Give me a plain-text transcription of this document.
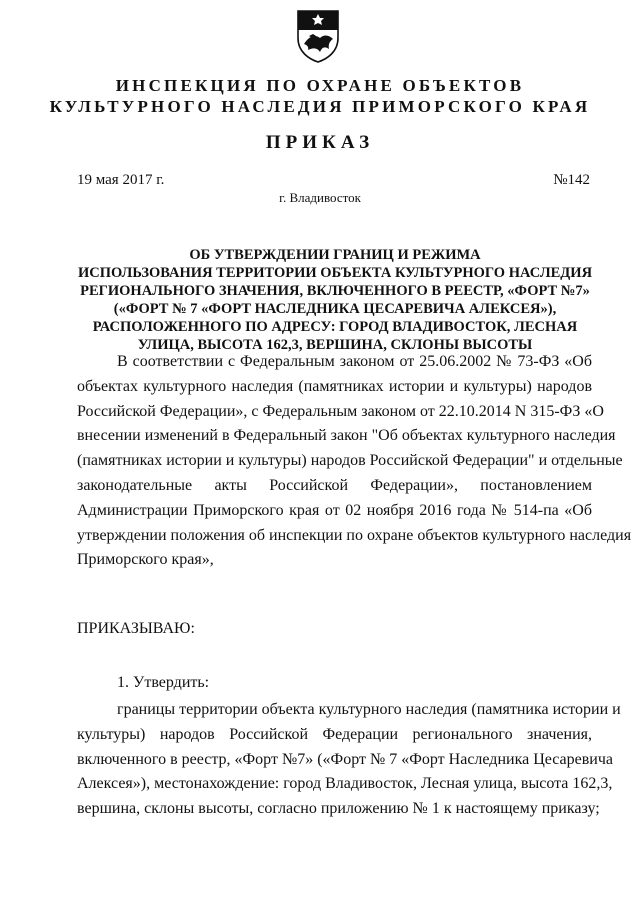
ИНСПЕКЦИЯ ПО ОХРАНЕ ОБЪЕКТОВ
КУЛЬТУРНОГО НАСЛЕДИЯ ПРИМОРСКОГО КРАЯ
ПРИКАЗ
19 мая 2017 г.	№142
г. Владивосток
ОБ УТВЕРЖДЕНИИ ГРАНИЦ И РЕЖИМА
ИСПОЛЬЗОВАНИЯ ТЕРРИТОРИИ ОБЪЕКТА КУЛЬТУРНОГО НАСЛЕДИЯ
РЕГИОНАЛЬНОГО ЗНАЧЕНИЯ, ВКЛЮЧЕННОГО В РЕЕСТР, «ФОРТ №7»
(«ФОРТ № 7 «ФОРТ НАСЛЕДНИКА ЦЕСАРЕВИЧА АЛЕКСЕЯ»),
РАСПОЛОЖЕННОГО ПО АДРЕСУ: ГОРОД ВЛАДИВОСТОК, ЛЕСНАЯ
УЛИЦА, ВЫСОТА 162,3, ВЕРШИНА, СКЛОНЫ ВЫСОТЫ
В соответствии с Федеральным законом от 25.06.2002 № 73-ФЗ «Об
объектах культурного наследия (памятниках истории и культуры) народов
Российской Федерации», с Федеральным законом от 22.10.2014 N 315-ФЗ «О
внесении изменений в Федеральный закон "Об объектах культурного наследия
(памятниках истории и культуры) народов Российской Федерации" и отдельные
законодательные акты Российской Федерации», постановлением
Администрации Приморского края от 02 ноября 2016 года № 514-па «Об
утверждении положения об инспекции по охране объектов культурного наследия
Приморского края»,
ПРИКАЗЫВАЮ:
1. Утвердить:
границы территории объекта культурного наследия (памятника истории и
культуры) народов Российской Федерации регионального значения,
включенного в реестр, «Форт №7» («Форт № 7 «Форт Наследника Цесаревича
Алексея»), местонахождение: город Владивосток, Лесная улица, высота 162,3,
вершина, склоны высоты, согласно приложению № 1 к настоящему приказу;
